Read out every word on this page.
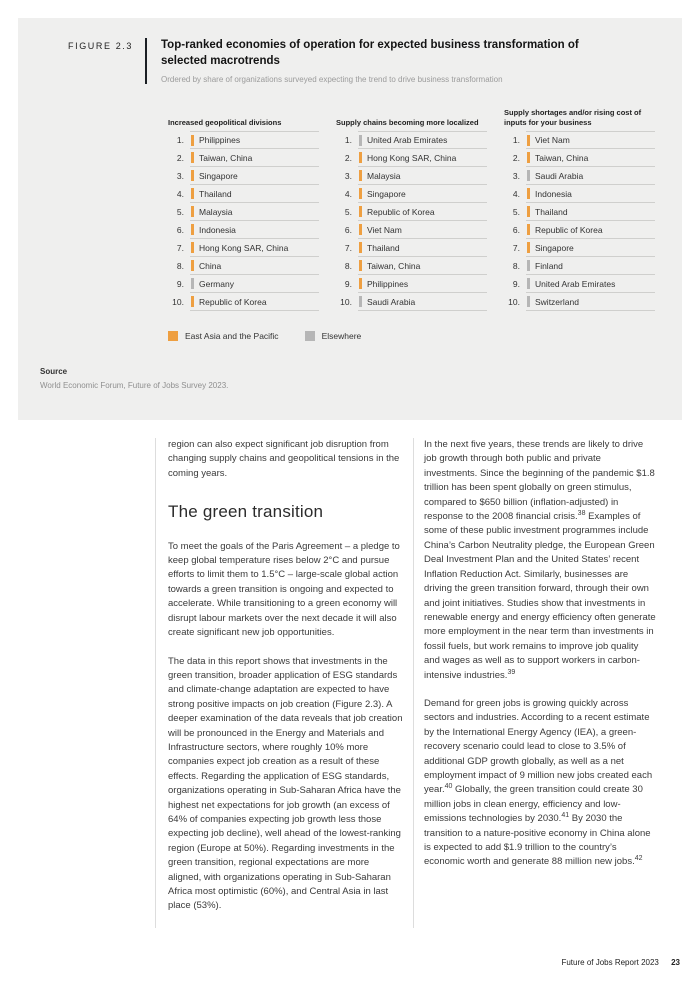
FIGURE 2.3 Top-ranked economies of operation for expected business transformation of selected macrotrends
Ordered by share of organizations surveyed expecting the trend to drive business transformation
Increased geopolitical divisions
1. Philippines
2. Taiwan, China
3. Singapore
4. Thailand
5. Malaysia
6. Indonesia
7. Hong Kong SAR, China
8. China
9. Germany
10. Republic of Korea
Supply chains becoming more localized
1. United Arab Emirates
2. Hong Kong SAR, China
3. Malaysia
4. Singapore
5. Republic of Korea
6. Viet Nam
7. Thailand
8. Taiwan, China
9. Philippines
10. Saudi Arabia
Supply shortages and/or rising cost of inputs for your business
1. Viet Nam
2. Taiwan, China
3. Saudi Arabia
4. Indonesia
5. Thailand
6. Republic of Korea
7. Singapore
8. Finland
9. United Arab Emirates
10. Switzerland
East Asia and the Pacific	Elsewhere
Source
World Economic Forum, Future of Jobs Survey 2023.

region can also expect significant job disruption from changing supply chains and geopolitical tensions in the coming years.

The green transition

To meet the goals of the Paris Agreement – a pledge to keep global temperature rises below 2°C and pursue efforts to limit them to 1.5°C – large-scale global action towards a green transition is ongoing and expected to accelerate. While transitioning to a green economy will disrupt labour markets over the next decade it will also create significant new job opportunities.

The data in this report shows that investments in the green transition, broader application of ESG standards and climate-change adaptation are expected to have strong positive impacts on job creation (Figure 2.3). A deeper examination of the data reveals that job creation will be pronounced in the Energy and Materials and Infrastructure sectors, where roughly 10% more companies expect job creation as a result of these effects. Regarding the application of ESG standards, organizations operating in Sub-Saharan Africa have the highest net expectations for job growth (an excess of 64% of companies expecting job growth less those expecting job decline), well ahead of the lowest-ranking region (Europe at 50%). Regarding investments in the green transition, regional expectations are more aligned, with organizations operating in Sub-Saharan Africa most optimistic (60%), and Central Asia in last place (53%).

In the next five years, these trends are likely to drive job growth through both public and private investments. Since the beginning of the pandemic $1.8 trillion has been spent globally on green stimulus, compared to $650 billion (inflation-adjusted) in response to the 2008 financial crisis.$^{38}$ Examples of some of these public investment programmes include China’s Carbon Neutrality pledge, the European Green Deal Investment Plan and the United States’ recent Inflation Reduction Act. Similarly, businesses are driving the green transition forward, through their own and joint initiatives. Studies show that investments in renewable energy and energy efficiency often generate more employment in the near term than investments in fossil fuels, but work remains to improve job quality and wages as well as to support workers in carbon-intensive industries.$^{39}$

Demand for green jobs is growing quickly across sectors and industries. According to a recent estimate by the International Energy Agency (IEA), a green-recovery scenario could lead to close to 3.5% of additional GDP growth globally, as well as a net employment impact of 9 million new jobs created each year.$^{40}$ Globally, the green transition could create 30 million jobs in clean energy, efficiency and low-emissions technologies by 2030.41 By 2030 the transition to a nature-positive economy in China alone is expected to add $1.9 trillion to the country’s economic worth and generate 88 million new jobs.$^{42}$

Future of Jobs Report 2023 23
